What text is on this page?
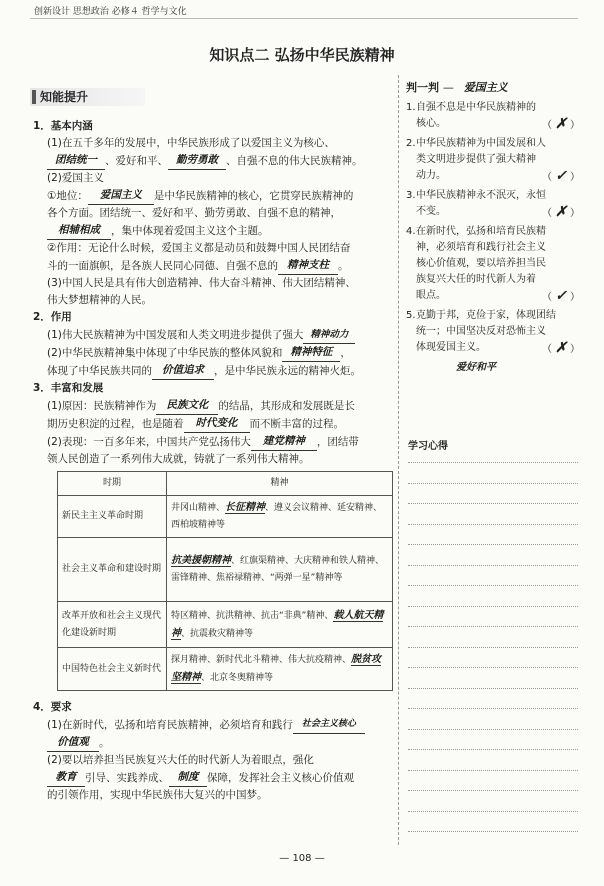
创新设计 思想政治 必修４ 哲学与文化
知识点二 弘扬中华民族精神
$^{知能提升}$
1．基本内涵
(1)在五千多年的发展中，中华民族形成了以爱国主义为核心、
团结统一 、爱好和平、 勤劳勇敢 、自强不息的伟大民族精神。
(2)爱国主义
①地位： 爱国主义 是中华民族精神的核心，它贯穿民族精神的
各个方面。团结统一、爱好和平、勤劳勇敢、自强不息的精神，
相辅相成 ，集中体现着爱国主义这个主题。
②作用：无论什么时候，爱国主义都是动员和鼓舞中国人民团结奋
斗的一面旗帜，是各族人民同心同德、自强不息的 精神支柱 。
(3)中国人民是具有伟大创造精神、伟大奋斗精神、伟大团结精神、
伟大梦想精神的人民。
2．作用
(1)伟大民族精神为中国发展和人类文明进步提供了强大 精神动力
(2)中华民族精神集中体现了中华民族的整体风貌和 精神特征 ，
体现了中华民族共同的 价值追求 ，是中华民族永远的精神火炬。
3．丰富和发展
(1)原因：民族精神作为 民族文化 的结晶，其形成和发展既是长
期历史积淀的过程，也是随着 时代变化 而不断丰富的过程。
(2)表现：一百多年来，中国共产党弘扬伟大 建党精神 ，团结带
领人民创造了一系列伟大成就，铸就了一系列伟大精神。
时期	精神
新民主主义革命时期	井冈山精神、长征精神、遵义会议精神、延安精神、西柏坡精神等
社会主义革命和建设时期	抗美援朝精神、红旗渠精神、大庆精神和铁人精神、雷锋精神、焦裕禄精神、“两弹一星”精神等
改革开放和社会主义现代化建设新时期	特区精神、抗洪精神、抗击“非典”精神、载人航天精神、抗震救灾精神等
中国特色社会主义新时代	探月精神、新时代北斗精神、伟大抗疫精神、脱贫攻坚精神、北京冬奥精神等
4．要求
(1)在新时代，弘扬和培育民族精神，必须培育和践行 社会主义核心
价值观 。
(2)要以培养担当民族复兴大任的时代新人为着眼点，强化
教育 引导、实践养成、 制度 保障，发挥社会主义核心价值观
的引领作用，实现中华民族伟大复兴的中国梦。
判一判 — 爱国主义
1. 自强不息是中华民族精神的
核心。	（ ✗ ）
2. 中华民族精神为中国发展和人
类文明进步提供了强大精神
动力。	（ ✓ ）
3. 中华民族精神永不泯灭，永恒
不变。	（ ✗ ）
4. 在新时代，弘扬和培育民族精
神，必须培育和践行社会主义
核心价值观，要以培养担当民
族复兴大任的时代新人为着
眼点。	（ ✓ ）
5. 克勤于邦，克俭于家，体现团结
统一；中国坚决反对恐怖主义
体现爱国主义。	（ ✗ ）
爱好和平
学习心得
— 108 —
